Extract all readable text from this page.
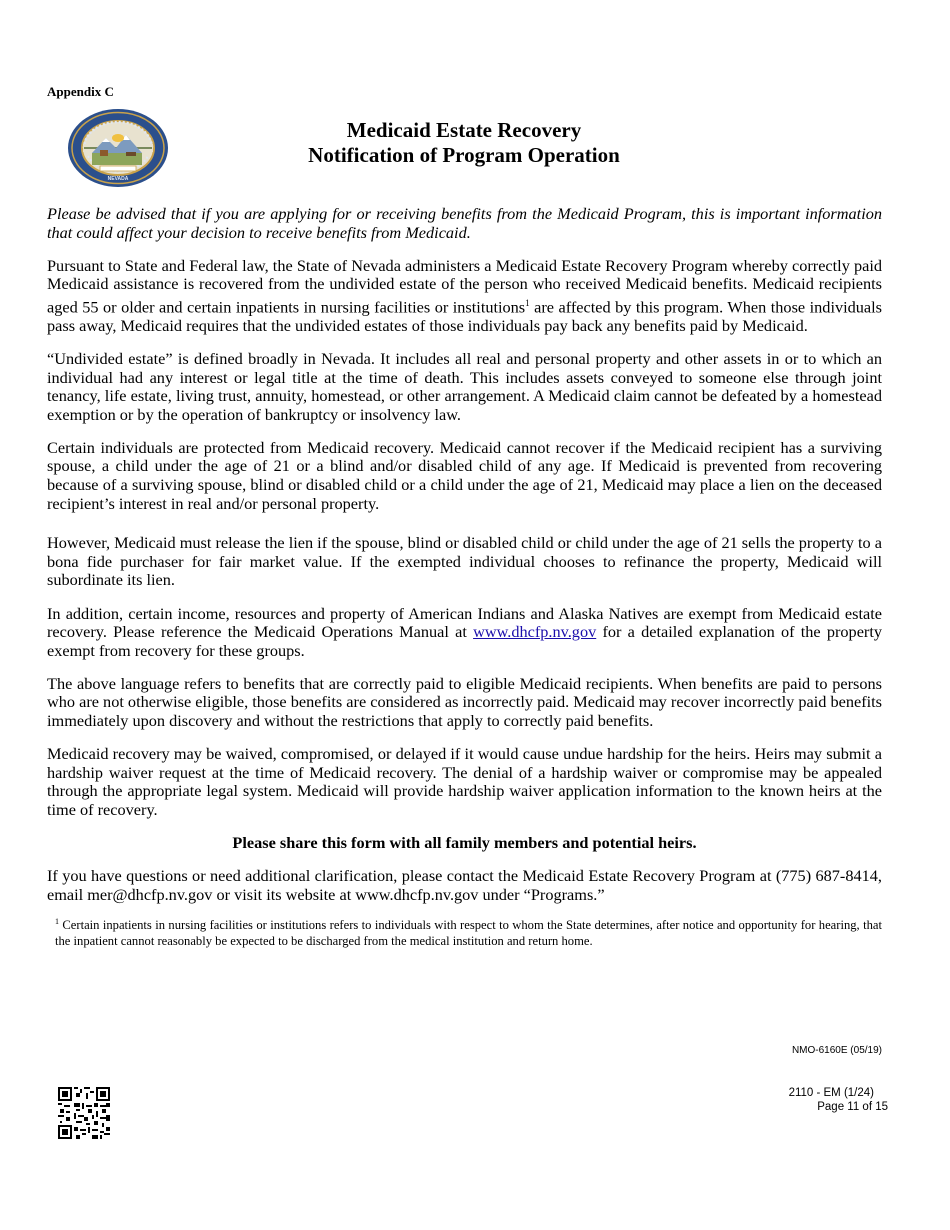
Appendix C
NEVADA
Medicaid Estate Recovery
Notification of Program Operation

Please be advised that if you are applying for or receiving benefits from the Medicaid Program, this is important information that could affect your decision to receive benefits from Medicaid.

Pursuant to State and Federal law, the State of Nevada administers a Medicaid Estate Recovery Program whereby correctly paid Medicaid assistance is recovered from the undivided estate of the person who received Medicaid benefits. Medicaid recipients aged 55 or older and certain inpatients in nursing facilities or institutions$^1$ are affected by this program. When those individuals pass away, Medicaid requires that the undivided estates of those individuals pay back any benefits paid by Medicaid.

“Undivided estate” is defined broadly in Nevada. It includes all real and personal property and other assets in or to which an individual had any interest or legal title at the time of death. This includes assets conveyed to someone else through joint tenancy, life estate, living trust, annuity, homestead, or other arrangement. A Medicaid claim cannot be defeated by a homestead exemption or by the operation of bankruptcy or insolvency law.

Certain individuals are protected from Medicaid recovery. Medicaid cannot recover if the Medicaid recipient has a surviving spouse, a child under the age of 21 or a blind and/or disabled child of any age. If Medicaid is prevented from recovering because of a surviving spouse, blind or disabled child or a child under the age of 21, Medicaid may place a lien on the deceased recipient’s interest in real and/or personal property.

However, Medicaid must release the lien if the spouse, blind or disabled child or child under the age of 21 sells the property to a bona fide purchaser for fair market value. If the exempted individual chooses to refinance the property, Medicaid will subordinate its lien.

In addition, certain income, resources and property of American Indians and Alaska Natives are exempt from Medicaid estate recovery. Please reference the Medicaid Operations Manual at www.dhcfp.nv.gov for a detailed explanation of the property exempt from recovery for these groups.

The above language refers to benefits that are correctly paid to eligible Medicaid recipients. When benefits are paid to persons who are not otherwise eligible, those benefits are considered as incorrectly paid. Medicaid may recover incorrectly paid benefits immediately upon discovery and without the restrictions that apply to correctly paid benefits.

Medicaid recovery may be waived, compromised, or delayed if it would cause undue hardship for the heirs. Heirs may submit a hardship waiver request at the time of Medicaid recovery. The denial of a hardship waiver or compromise may be appealed through the appropriate legal system. Medicaid will provide hardship waiver application information to the known heirs at the time of recovery.

Please share this form with all family members and potential heirs.

If you have questions or need additional clarification, please contact the Medicaid Estate Recovery Program at (775) 687-8414, email mer@dhcfp.nv.gov or visit its website at www.dhcfp.nv.gov under “Programs.”

$^1$ Certain inpatients in nursing facilities or institutions refers to individuals with respect to whom the State determines, after notice and opportunity for hearing, that the inpatient cannot reasonably be expected to be discharged from the medical institution and return home.

NMO-6160E (05/19)
2110 - EM (1/24)
Page 11 of 15
